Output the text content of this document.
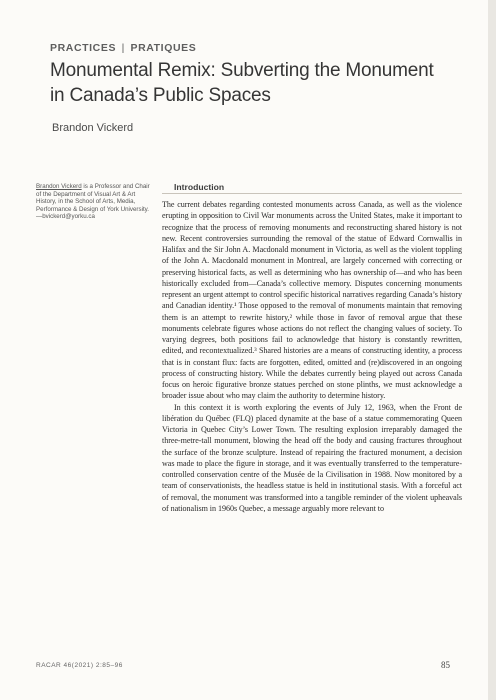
PRACTICES | PRATIQUES
Monumental Remix: Subverting the Monument in Canada’s Public Spaces
Brandon Vickerd
Brandon Vickerd is a Professor and Chair of the Department of Visual Art & Art History, in the School of Arts, Media, Performance & Design of York University.
—bvickerd@yorku.ca
Introduction

The current debates regarding contested monuments across Canada, as well as the violence erupting in opposition to Civil War monuments across the United States, make it important to recognize that the process of removing monuments and reconstructing shared history is not new. Recent controversies surrounding the removal of the statue of Edward Cornwallis in Halifax and the Sir John A. Macdonald monument in Victoria, as well as the violent toppling of the John A. Macdonald monument in Montreal, are largely concerned with correcting or preserving historical facts, as well as determining who has ownership of—and who has been historically excluded from—Canada’s collective memory. Disputes concerning monuments represent an urgent attempt to control specific historical narratives regarding Canada’s history and Canadian identity.¹ Those opposed to the removal of monuments maintain that removing them is an attempt to rewrite history,² while those in favor of removal argue that these monuments celebrate figures whose actions do not reflect the changing values of society. To varying degrees, both positions fail to acknowledge that history is constantly rewritten, edited, and recontextualized.³ Shared histories are a means of constructing identity, a process that is in constant flux: facts are forgotten, edited, omitted and (re)discovered in an ongoing process of constructing history. While the debates currently being played out across Canada focus on heroic figurative bronze statues perched on stone plinths, we must acknowledge a broader issue about who may claim the authority to determine history.

In this context it is worth exploring the events of July 12, 1963, when the Front de libération du Québec (FLQ) placed dynamite at the base of a statue commemorating Queen Victoria in Quebec City’s Lower Town. The resulting explosion irreparably damaged the three-metre-tall monument, blowing the head off the body and causing fractures throughout the surface of the bronze sculpture. Instead of repairing the fractured monument, a decision was made to place the figure in storage, and it was eventually transferred to the temperature-controlled conservation centre of the Musée de la Civilisation in 1988. Now monitored by a team of conservationists, the headless statue is held in institutional stasis. With a forceful act of removal, the monument was transformed into a tangible reminder of the violent upheavals of nationalism in 1960s Quebec, a message arguably more relevant to

RACAR 46(2021) 2:85–96	85
